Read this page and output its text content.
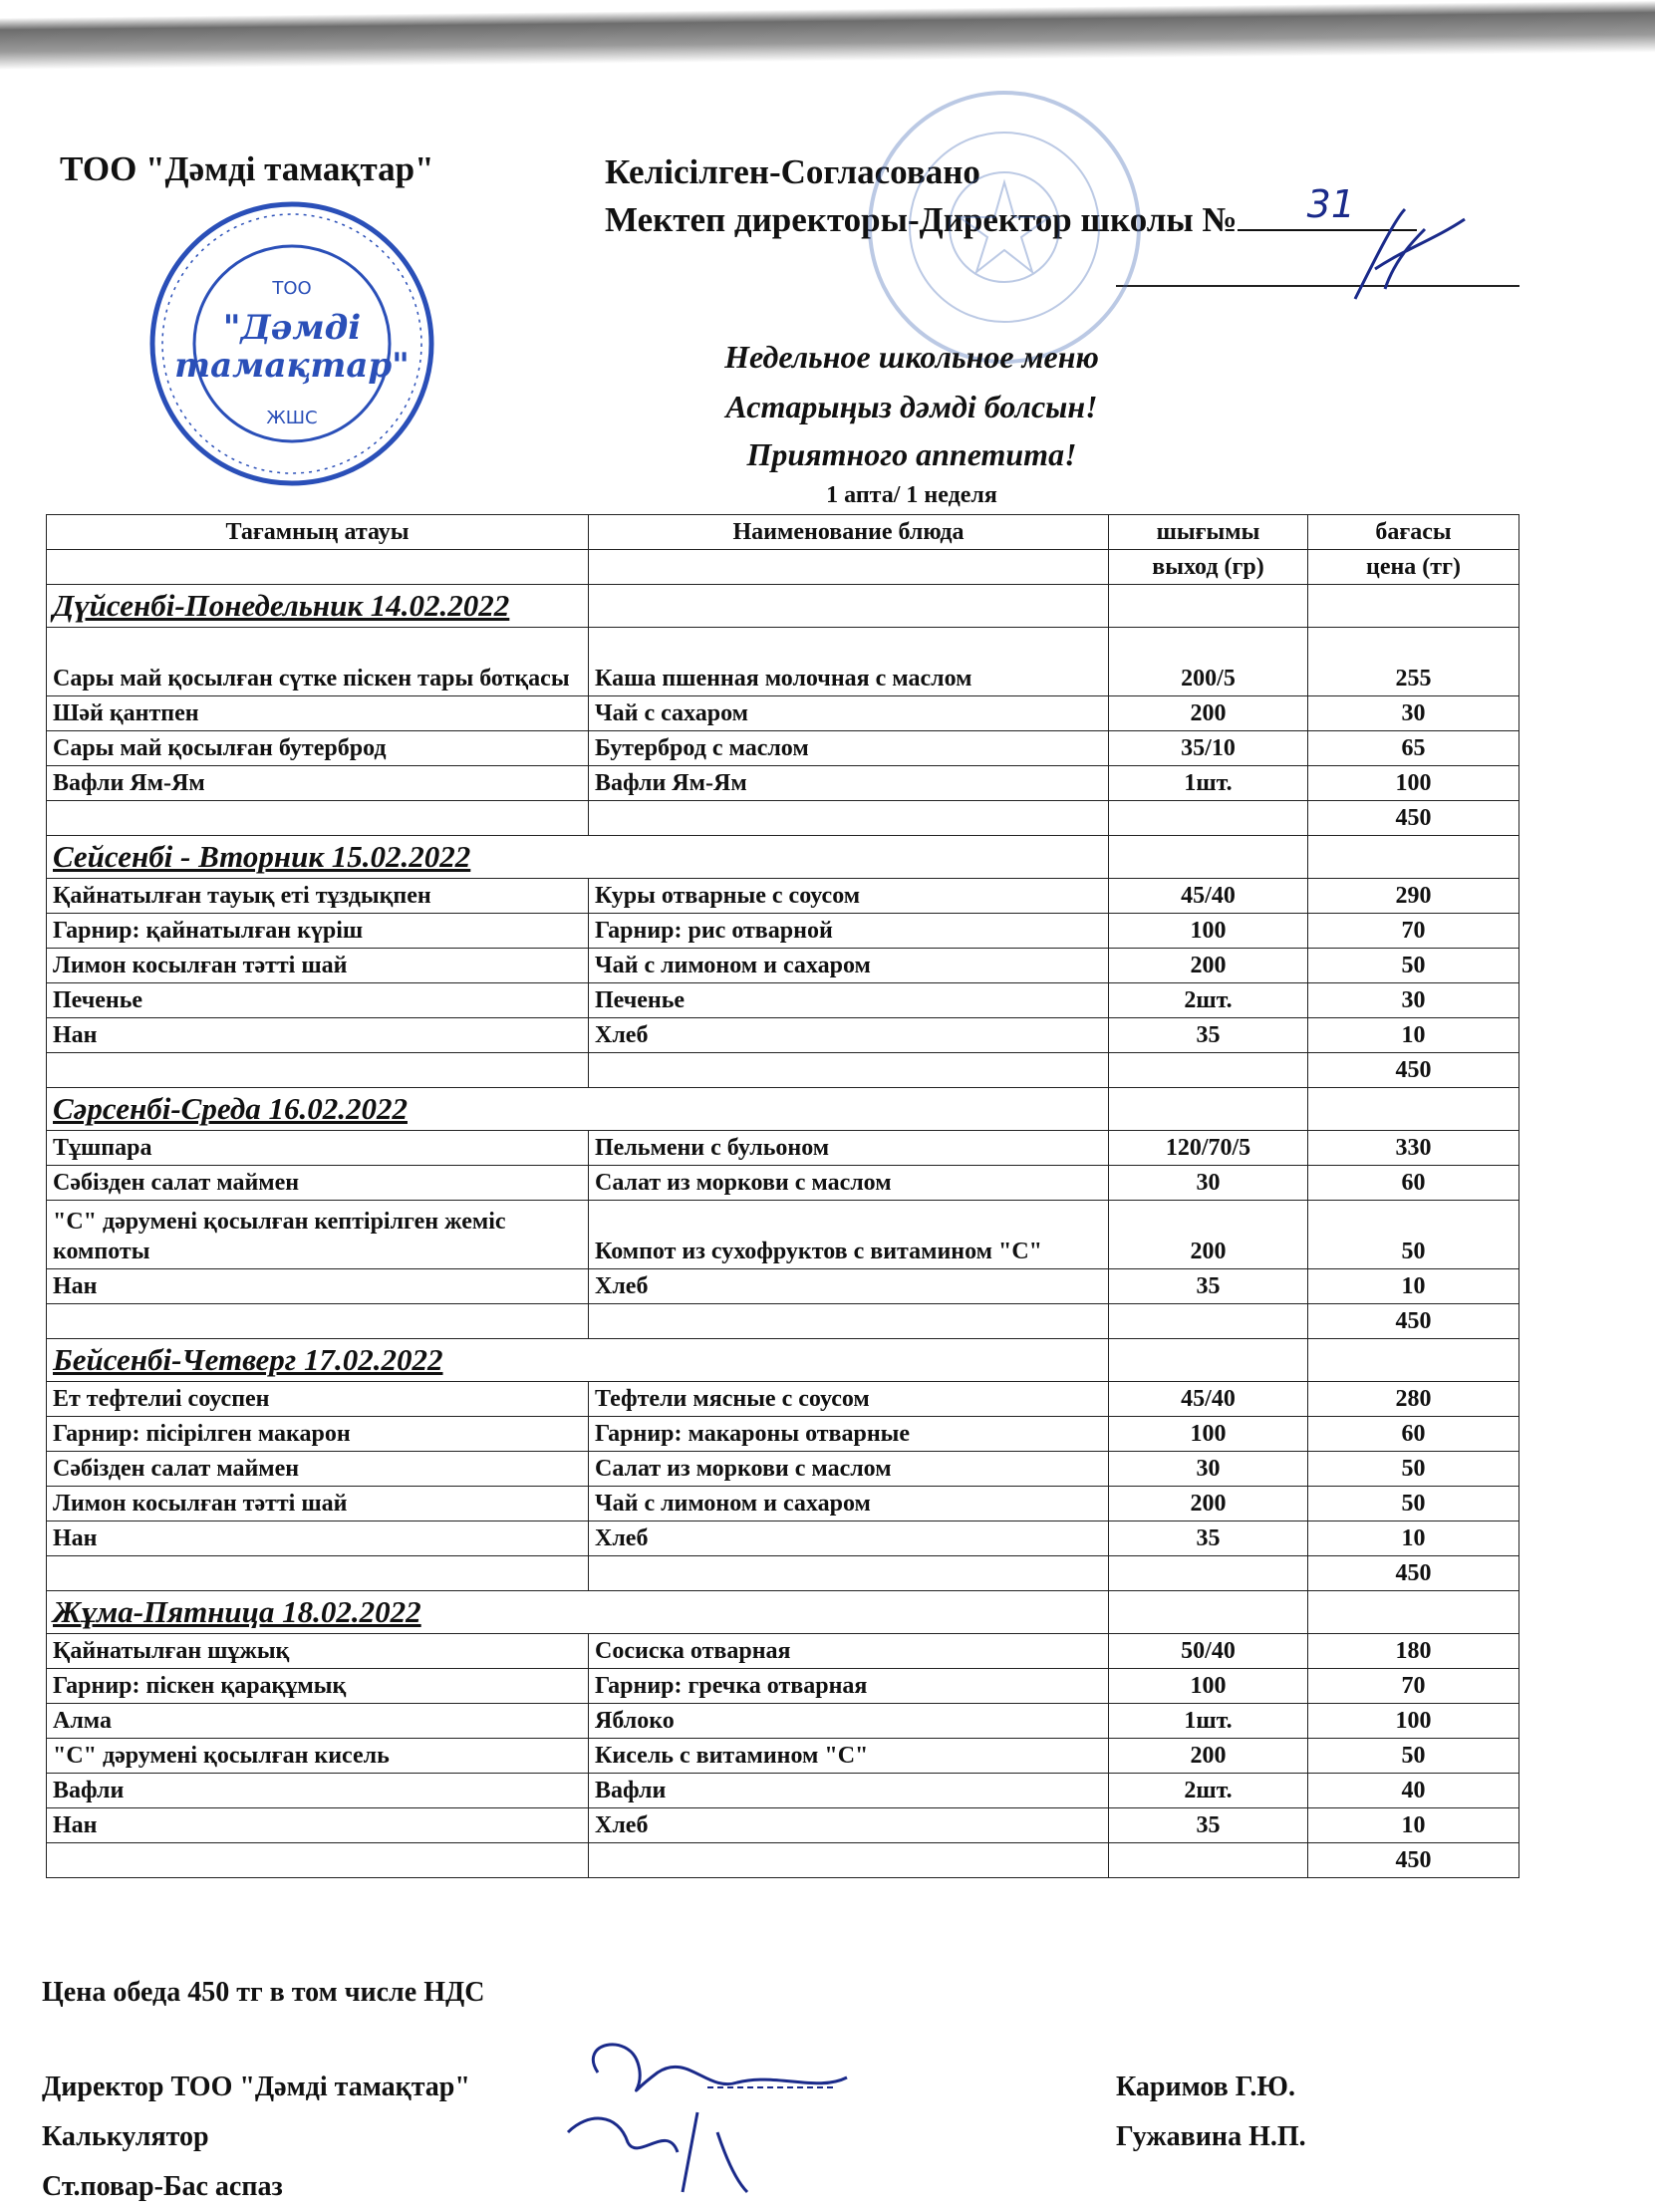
ТОО "Дәмді тамақтар"	Келісілген-Согласовано
Мектеп директоры-Директор школы № 31
ТОО
"Дәмді
тамақтар"
ЖШС
Недельное школьное меню
Астарыңыз дәмді болсын!
Приятного аппетита!
1 апта/ 1 неделя
Тағамның атауы	Наименование блюда	шығымы	бағасы
		выход (гр)	цена (тг)
Дүйсенбі-Понедельник 14.02.2022			
Сары май қосылған сүтке піскен тары ботқасы	Каша пшенная молочная с маслом	200/5	255
Шәй қантпен	Чай с сахаром	200	30
Сары май қосылған бутерброд	Бутерброд с маслом	35/10	65
Вафли Ям-Ям	Вафли Ям-Ям	1шт.	100
			450
Сейсенбі - Вторник 15.02.2022			
Қайнатылған тауық еті тұздықпен	Куры отварные с соусом	45/40	290
Гарнир: қайнатылған күріш	Гарнир: рис отварной	100	70
Лимон косылған тәтті шай	Чай с лимоном и сахаром	200	50
Печенье	Печенье	2шт.	30
Нан	Хлеб	35	10
			450
Сәрсенбі-Среда 16.02.2022			
Тұшпара	Пельмени с бульоном	120/70/5	330
Сәбізден салат маймен	Салат из моркови с маслом	30	60
"С" дәрумені қосылған кептірілген жеміс компоты	Компот из сухофруктов с витамином "С"	200	50
Нан	Хлеб	35	10
			450
Бейсенбі-Четверг 17.02.2022			
Ет тефтелиі соуспен	Тефтели мясные с соусом	45/40	280
Гарнир: пісірілген макарон	Гарнир: макароны отварные	100	60
Сәбізден салат маймен	Салат из моркови с маслом	30	50
Лимон косылған тәтті шай	Чай с лимоном и сахаром	200	50
Нан	Хлеб	35	10
			450
Жұма-Пятница 18.02.2022			
Қайнатылған шұжық	Сосиска отварная	50/40	180
Гарнир: піскен қарақұмық	Гарнир: гречка отварная	100	70
Алма	Яблоко	1шт.	100
"С" дәрумені қосылған кисель	Кисель с витамином "С"	200	50
Вафли	Вафли	2шт.	40
Нан	Хлеб	35	10
			450
Цена обеда 450 тг в том числе НДС
Директор ТОО "Дәмді тамақтар"
Калькулятор
Ст.повар-Бас аспаз
Каримов Г.Ю.
Гужавина Н.П.
